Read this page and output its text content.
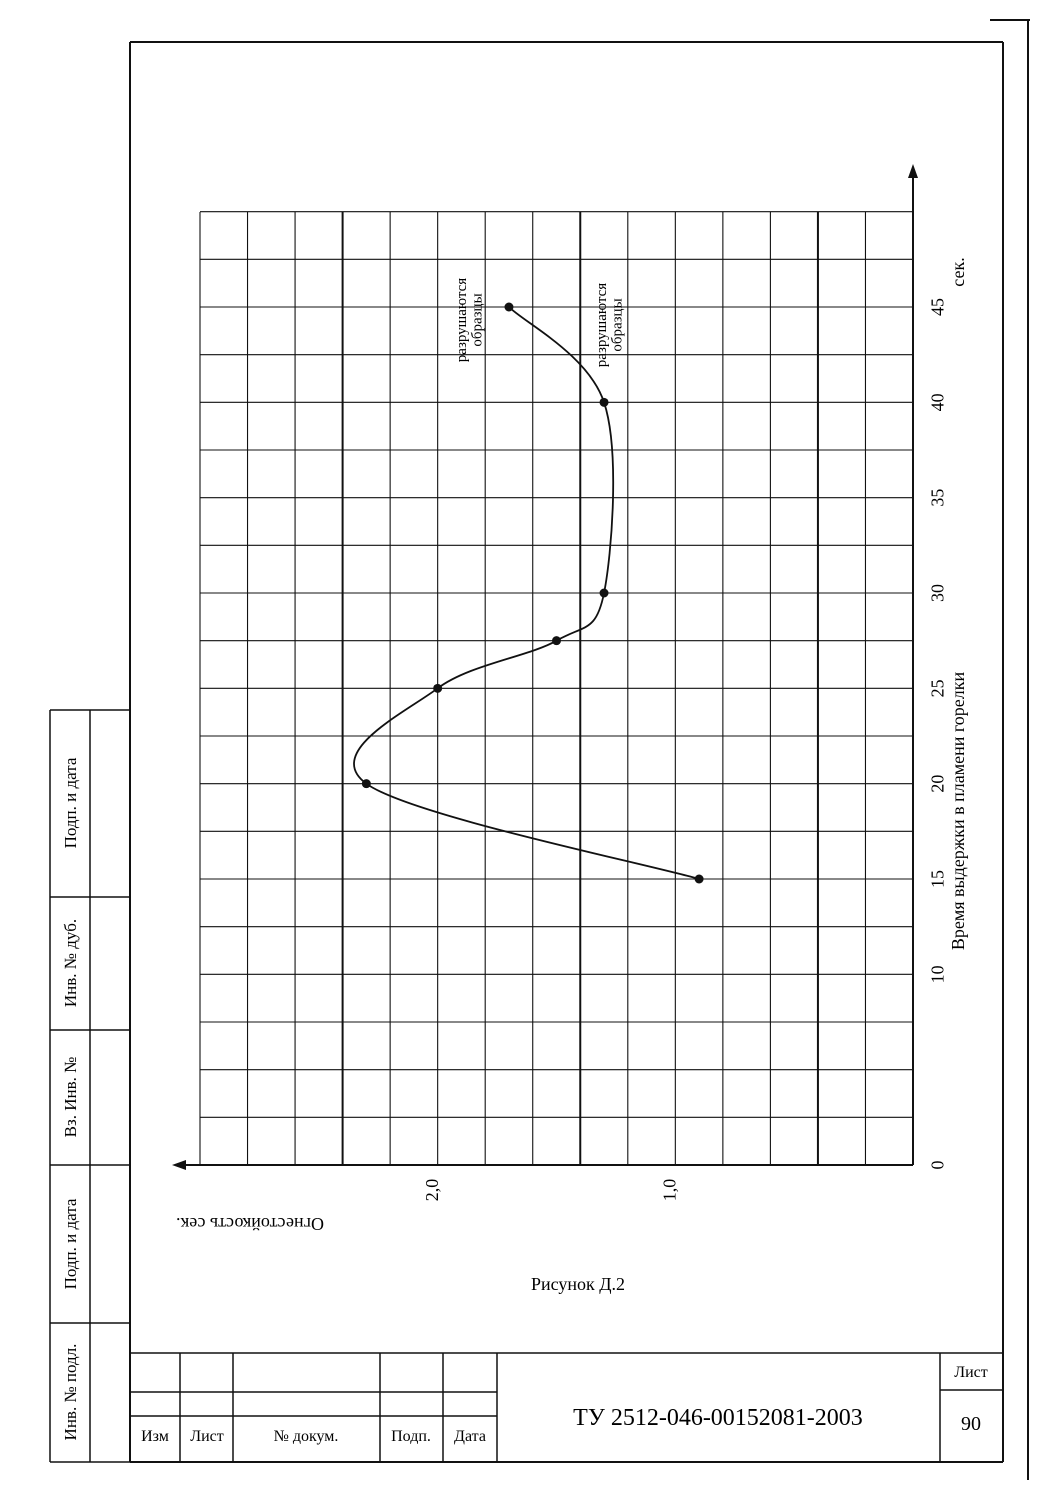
Подп. и дата
Инв. № дуб.
Вз. Инв. №
Подп. и дата
Инв. № подл.	Изм Лист	№ докум.	Подп. Дата
ТУ 2512-046-00152081-2003
Лист
90
0
10
15
20
25
30
35
40
45
1,0
2,0
разрушаютсяобразцы	разрушаютсяобразцы
Время выдержки в пламени горелки
сек.
Огнестойкость сек.
Рисунок Д.2
